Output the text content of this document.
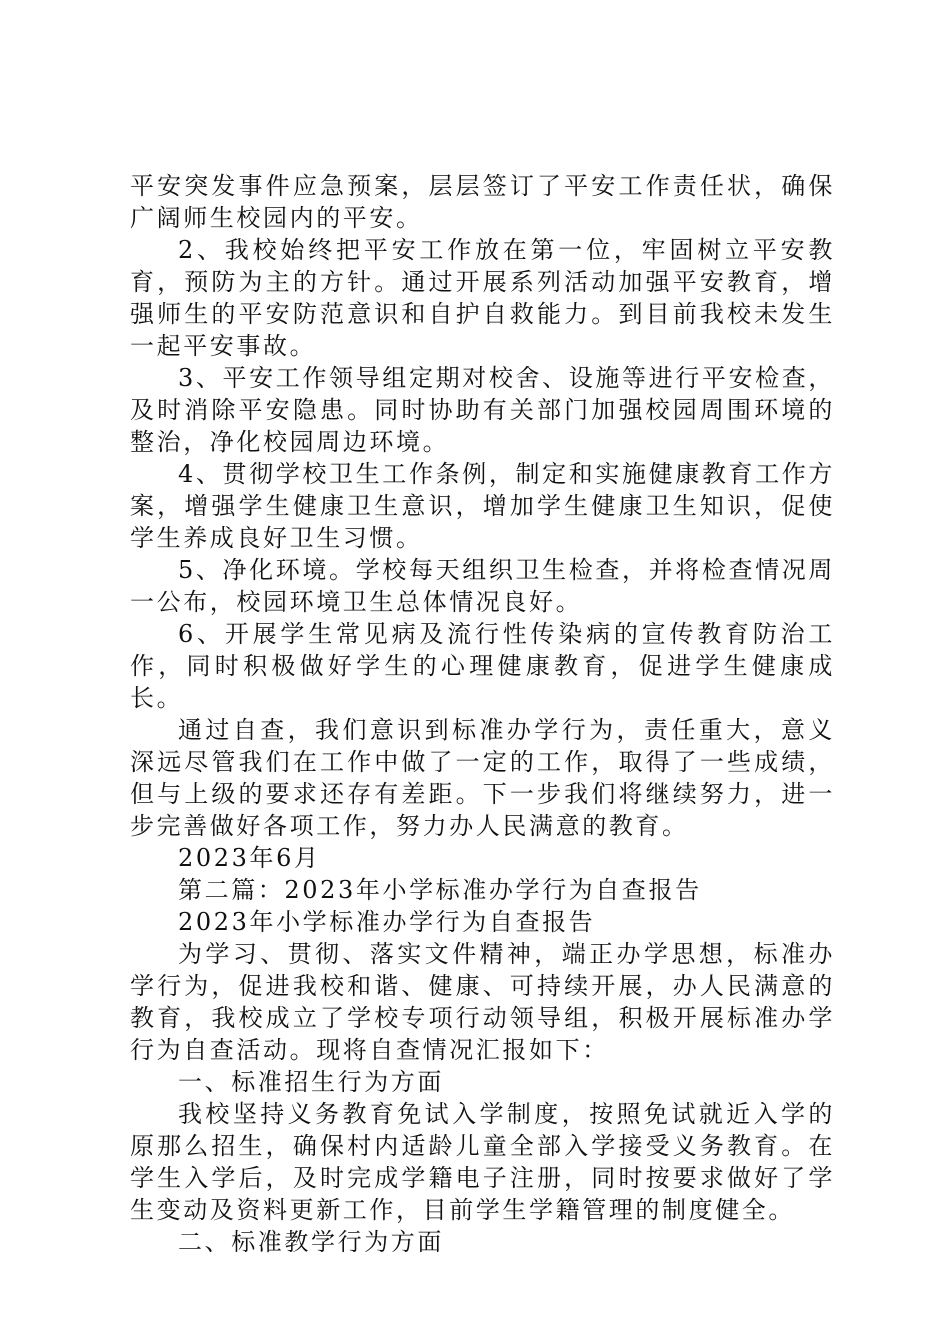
平安突发事件应急预案，层层签订了平安工作责任状，确保广阔师生校园内的平安。

2、我校始终把平安工作放在第一位，牢固树立平安教育，预防为主的方针。通过开展系列活动加强平安教育，增强师生的平安防范意识和自护自救能力。到目前我校未发生一起平安事故。

3、平安工作领导组定期对校舍、设施等进行平安检查，及时消除平安隐患。同时协助有关部门加强校园周围环境的整治，净化校园周边环境。

4、贯彻学校卫生工作条例，制定和实施健康教育工作方案，增强学生健康卫生意识，增加学生健康卫生知识，促使学生养成良好卫生习惯。

5、净化环境。学校每天组织卫生检查，并将检查情况周一公布，校园环境卫生总体情况良好。

6、开展学生常见病及流行性传染病的宣传教育防治工作，同时积极做好学生的心理健康教育，促进学生健康成长。

通过自查，我们意识到标准办学行为，责任重大，意义深远尽管我们在工作中做了一定的工作，取得了一些成绩，但与上级的要求还存有差距。下一步我们将继续努力，进一步完善做好各项工作，努力办人民满意的教育。

2023年6月

第二篇：2023年小学标准办学行为自查报告

2023年小学标准办学行为自查报告

为学习、贯彻、落实文件精神，端正办学思想，标准办学行为，促进我校和谐、健康、可持续开展，办人民满意的教育，我校成立了学校专项行动领导组，积极开展标准办学行为自查活动。现将自查情况汇报如下：

一、标准招生行为方面

我校坚持义务教育免试入学制度，按照免试就近入学的原那么招生，确保村内适龄儿童全部入学接受义务教育。在学生入学后，及时完成学籍电子注册，同时按要求做好了学生变动及资料更新工作，目前学生学籍管理的制度健全。

二、标准教学行为方面
